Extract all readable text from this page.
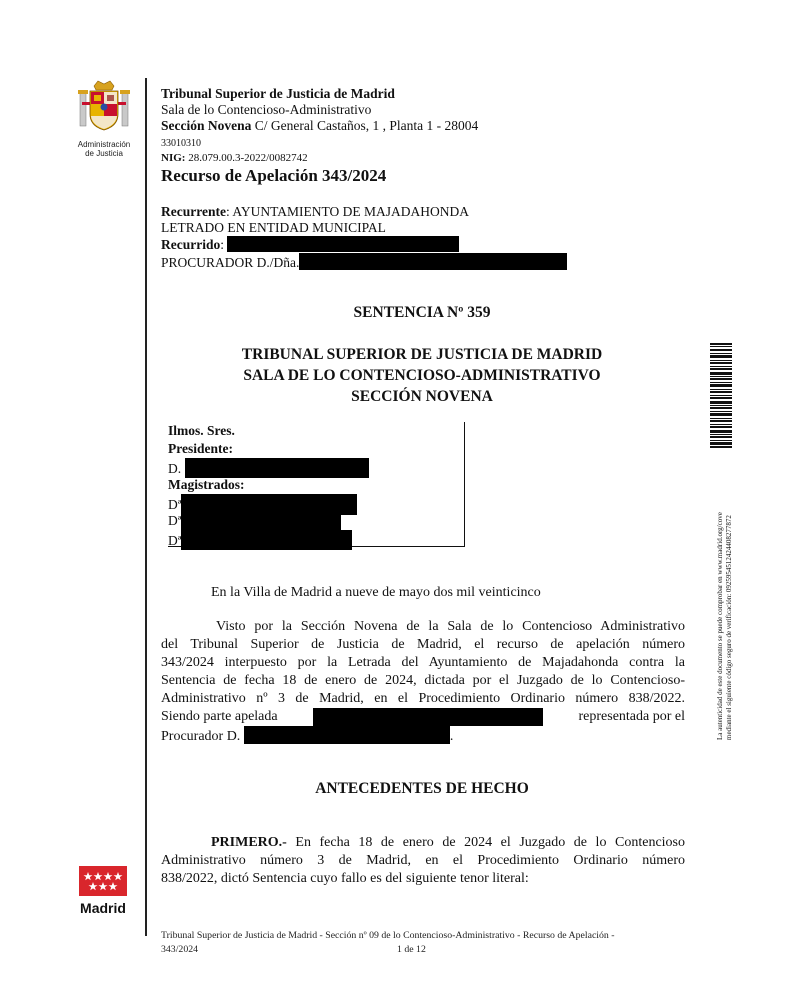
Administración
de Justicia
Tribunal Superior de Justicia de Madrid
Sala de lo Contencioso-Administrativo
Sección Novena C/ General Castaños, 1 , Planta 1 - 28004
33010310
NIG: 28.079.00.3-2022/0082742
Recurso de Apelación 343/2024
Recurrente: AYUNTAMIENTO DE MAJADAHONDA
LETRADO EN ENTIDAD MUNICIPAL
Recurrido:
PROCURADOR D./Dña.
SENTENCIA Nº 359
TRIBUNAL SUPERIOR DE JUSTICIA DE MADRID
SALA DE LO CONTENCIOSO-ADMINISTRATIVO
SECCIÓN NOVENA
Ilmos. Sres.
Presidente:
D.
Magistrados:
Dª
Dª
Dª
En la Villa de Madrid a nueve de mayo dos mil veinticinco
Visto por la Sección Novena de la Sala de lo Contencioso Administrativo
del Tribunal Superior de Justicia de Madrid, el recurso de apelación número
343/2024 interpuesto por la Letrada del Ayuntamiento de Majadahonda contra la
Sentencia de fecha 18 de enero de 2024, dictada por el Juzgado de lo Contencioso-
Administrativo nº 3 de Madrid, en el Procedimiento Ordinario número 838/2022.
Siendo parte apelada	representada por el
Procurador D.	.
ANTECEDENTES DE HECHO
PRIMERO.- En fecha 18 de enero de 2024 el Juzgado de lo Contencioso
Administrativo número 3 de Madrid, en el Procedimiento Ordinario número
838/2022, dictó Sentencia cuyo fallo es del siguiente tenor literal:
Madrid
La autenticidad de este documento se puede comprobar en www.madrid.org/cove mediante el siguiente código seguro de verificación: 0925954512424408277872
Tribunal Superior de Justicia de Madrid - Sección nº 09 de lo Contencioso-Administrativo - Recurso de Apelación -
343/2024	1 de 12
